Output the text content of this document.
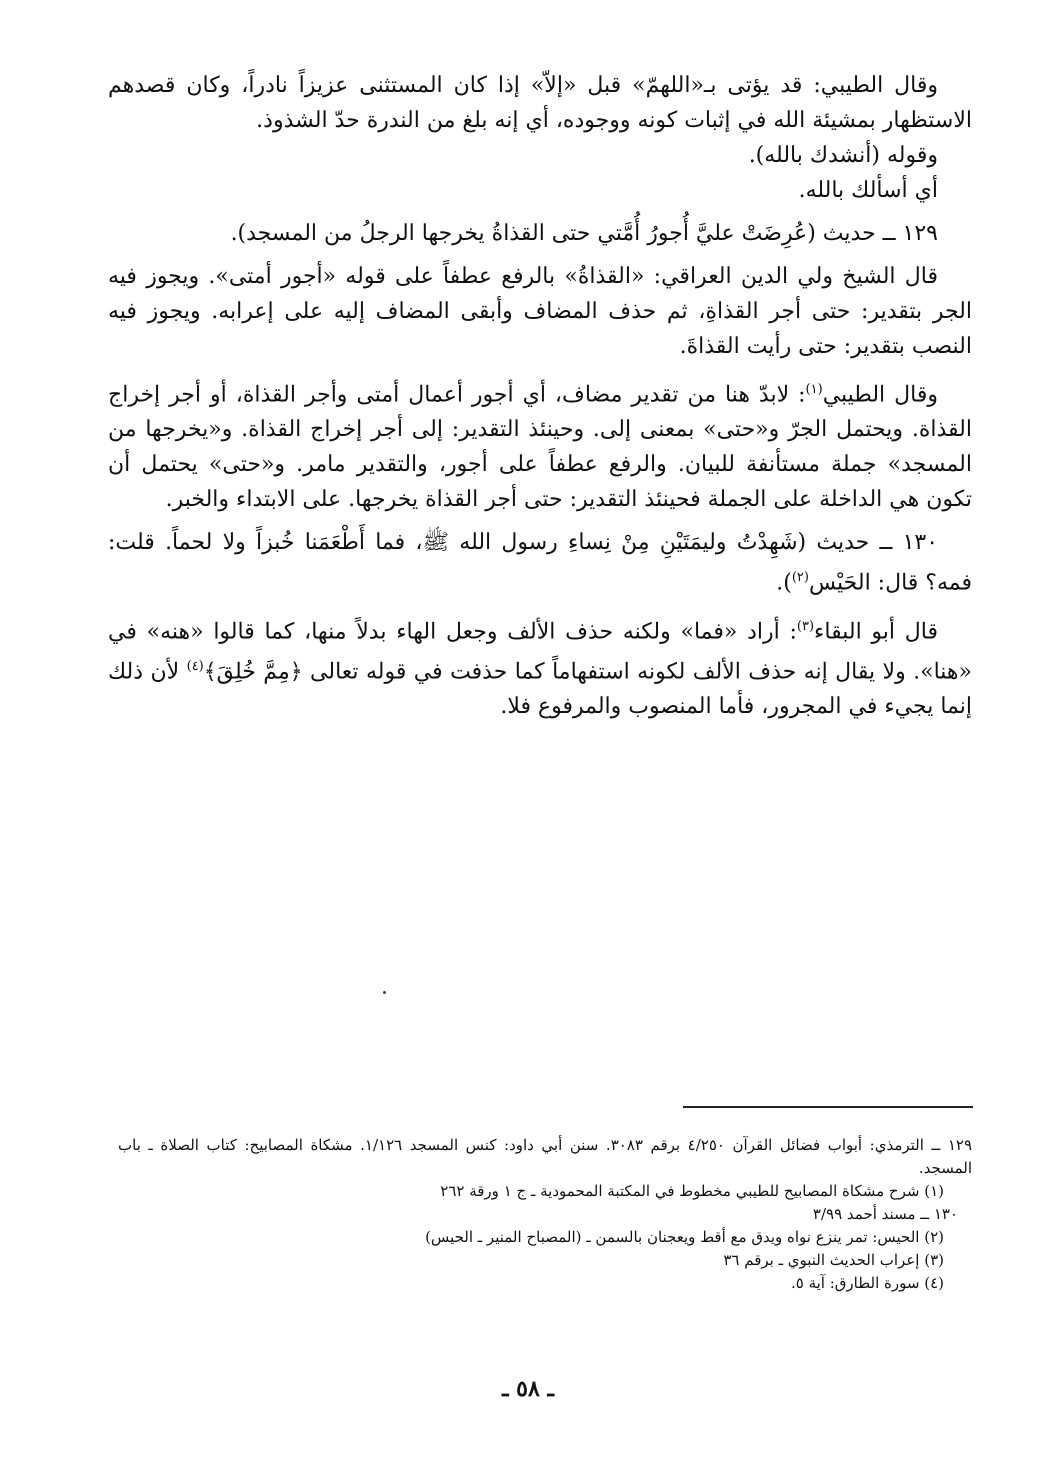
وقال الطيبي: قد يؤتى بـ«اللهمّ» قبل «إلاّ» إذا كان المستثنى عزيزاً نادراً، وكان قصدهم الاستظهار بمشيئة الله في إثبات كونه ووجوده، أي إنه بلغ من الندرة حدّ الشذوذ.

وقوله (أنشدك بالله).

أي أسألك بالله.

١٢٩ ــ حديث (عُرِضَتْ عليَّ أُجورُ أُمَّتي حتى القذاةُ يخرجها الرجلُ من المسجد).

قال الشيخ ولي الدين العراقي: «القذاةُ» بالرفع عطفاً على قوله «أجور أمتى». ويجوز فيه الجر بتقدير: حتى أجر القذاةِ، ثم حذف المضاف وأبقى المضاف إليه على إعرابه. ويجوز فيه النصب بتقدير: حتى رأيت القذاةَ.

وقال الطيبي$^{(١)}$: لابدّ هنا من تقدير مضاف، أي أجور أعمال أمتى وأجر القذاة، أو أجر إخراج القذاة. ويحتمل الجرّ و«حتى» بمعنى إلى. وحينئذ التقدير: إلى أجر إخراج القذاة. و«يخرجها من المسجد» جملة مستأنفة للبيان. والرفع عطفاً على أجور، والتقدير مامر. و«حتى» يحتمل أن تكون هي الداخلة على الجملة فحينئذ التقدير: حتى أجر القذاة يخرجها. على الابتداء والخبر.

١٣٠ ــ حديث (شَهِدْتُ وليمَتَيْنِ مِنْ نِساءِ رسول الله ﷺ، فما أَطْعَمَنا خُبزاً ولا لحماً. قلت: فمه؟ قال: الحَيْس$^{(٢)}$).

قال أبو البقاء$^{(٣)}$: أراد «فما» ولكنه حذف الألف وجعل الهاء بدلاً منها، كما قالوا «هنه» في «هنا». ولا يقال إنه حذف الألف لكونه استفهاماً كما حذفت في قوله تعالى ﴿مِمَّ خُلِقَ﴾$^{(٤)}$ لأن ذلك إنما يجيء في المجرور، فأما المنصوب والمرفوع فلا.

١٢٩ ــ الترمذي: أبواب فضائل القرآن ٤/٢٥٠ برقم ٣٠٨٣. سنن أبي داود: كنس المسجد ١/١٢٦. مشكاة المصابيح: كتاب الصلاة ـ باب المسجد.

(١) شرح مشكاة المصابيح للطيبي مخطوط في المكتبة المحمودية ـ ج ١ ورقة ٢٦٢

١٣٠ ــ مسند أحمد ٣/٩٩

(٢) الحيس: تمر ينزع نواه ويدق مع أقط ويعجنان بالسمن ـ (المصباح المنير ـ الحيس)

(٣) إعراب الحديث النبوي ـ برقم ٣٦

(٤) سورة الطارق: آية ٥.

ـ ٥٨ ـ
